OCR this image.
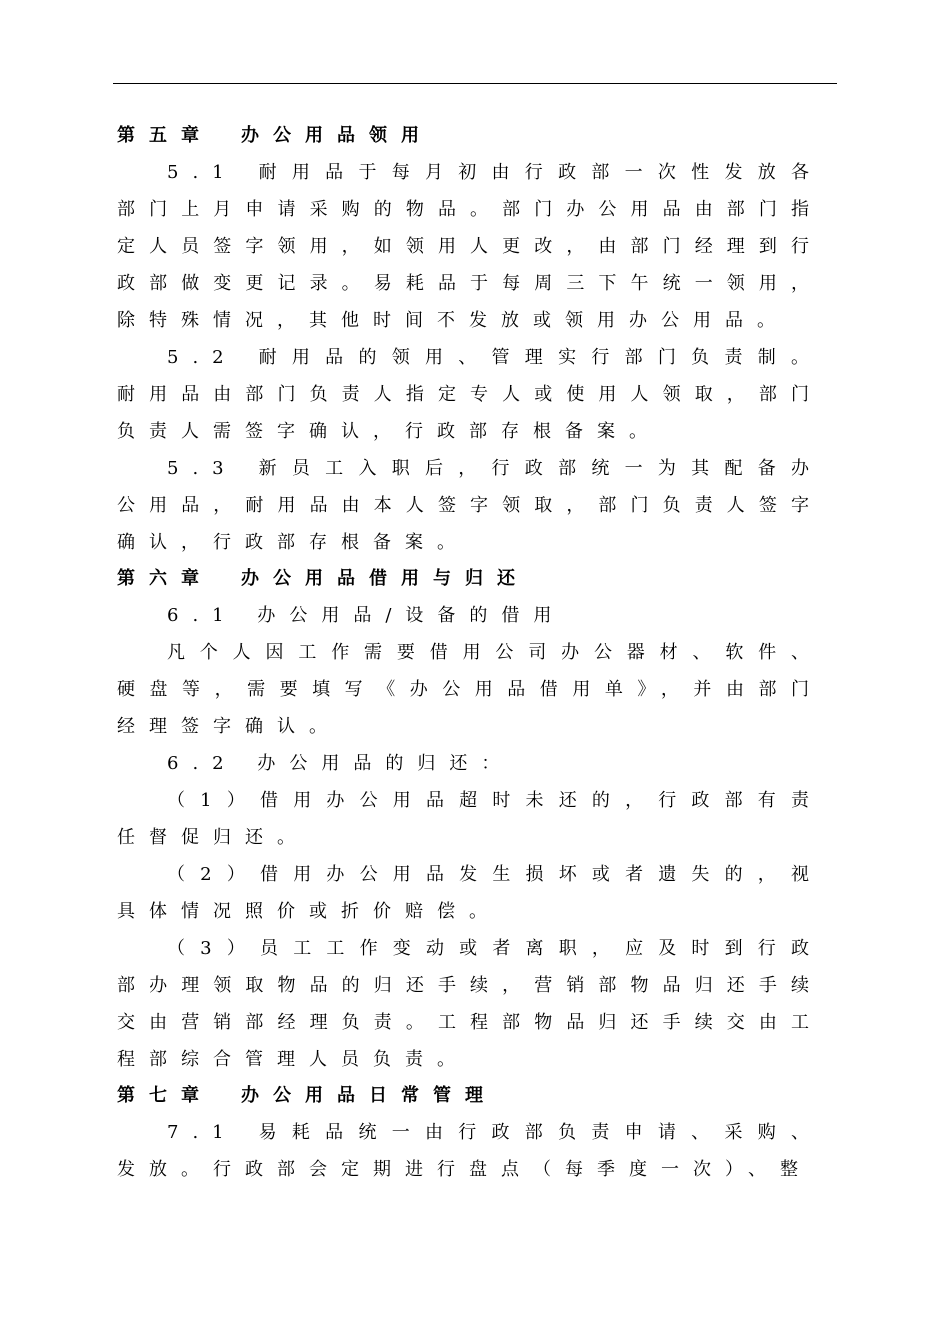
第五章 办公用品领用

5.1 耐用品于每月初由行政部一次性发放各部门上月申请采购的物品。部门办公用品由部门指定人员签字领用，如领用人更改，由部门经理到行政部做变更记录。易耗品于每周三下午统一领用，除特殊情况，其他时间不发放或领用办公用品。

5.2 耐用品的领用、管理实行部门负责制。耐用品由部门负责人指定专人或使用人领取，部门负责人需签字确认，行政部存根备案。

5.3 新员工入职后，行政部统一为其配备办公用品，耐用品由本人签字领取，部门负责人签字确认，行政部存根备案。

第六章 办公用品借用与归还

6.1 办公用品/设备的借用

凡个人因工作需要借用公司办公器材、软件、硬盘等，需要填写《办公用品借用单》，并由部门经理签字确认。

6.2 办公用品的归还：

（1）借用办公用品超时未还的，行政部有责任督促归还。

（2）借用办公用品发生损坏或者遗失的，视具体情况照价或折价赔偿。

（3）员工工作变动或者离职，应及时到行政部办理领取物品的归还手续，营销部物品归还手续交由营销部经理负责。工程部物品归还手续交由工程部综合管理人员负责。

第七章 办公用品日常管理

7.1 易耗品统一由行政部负责申请、采购、发放。行政部会定期进行盘点（每季度一次）、整
